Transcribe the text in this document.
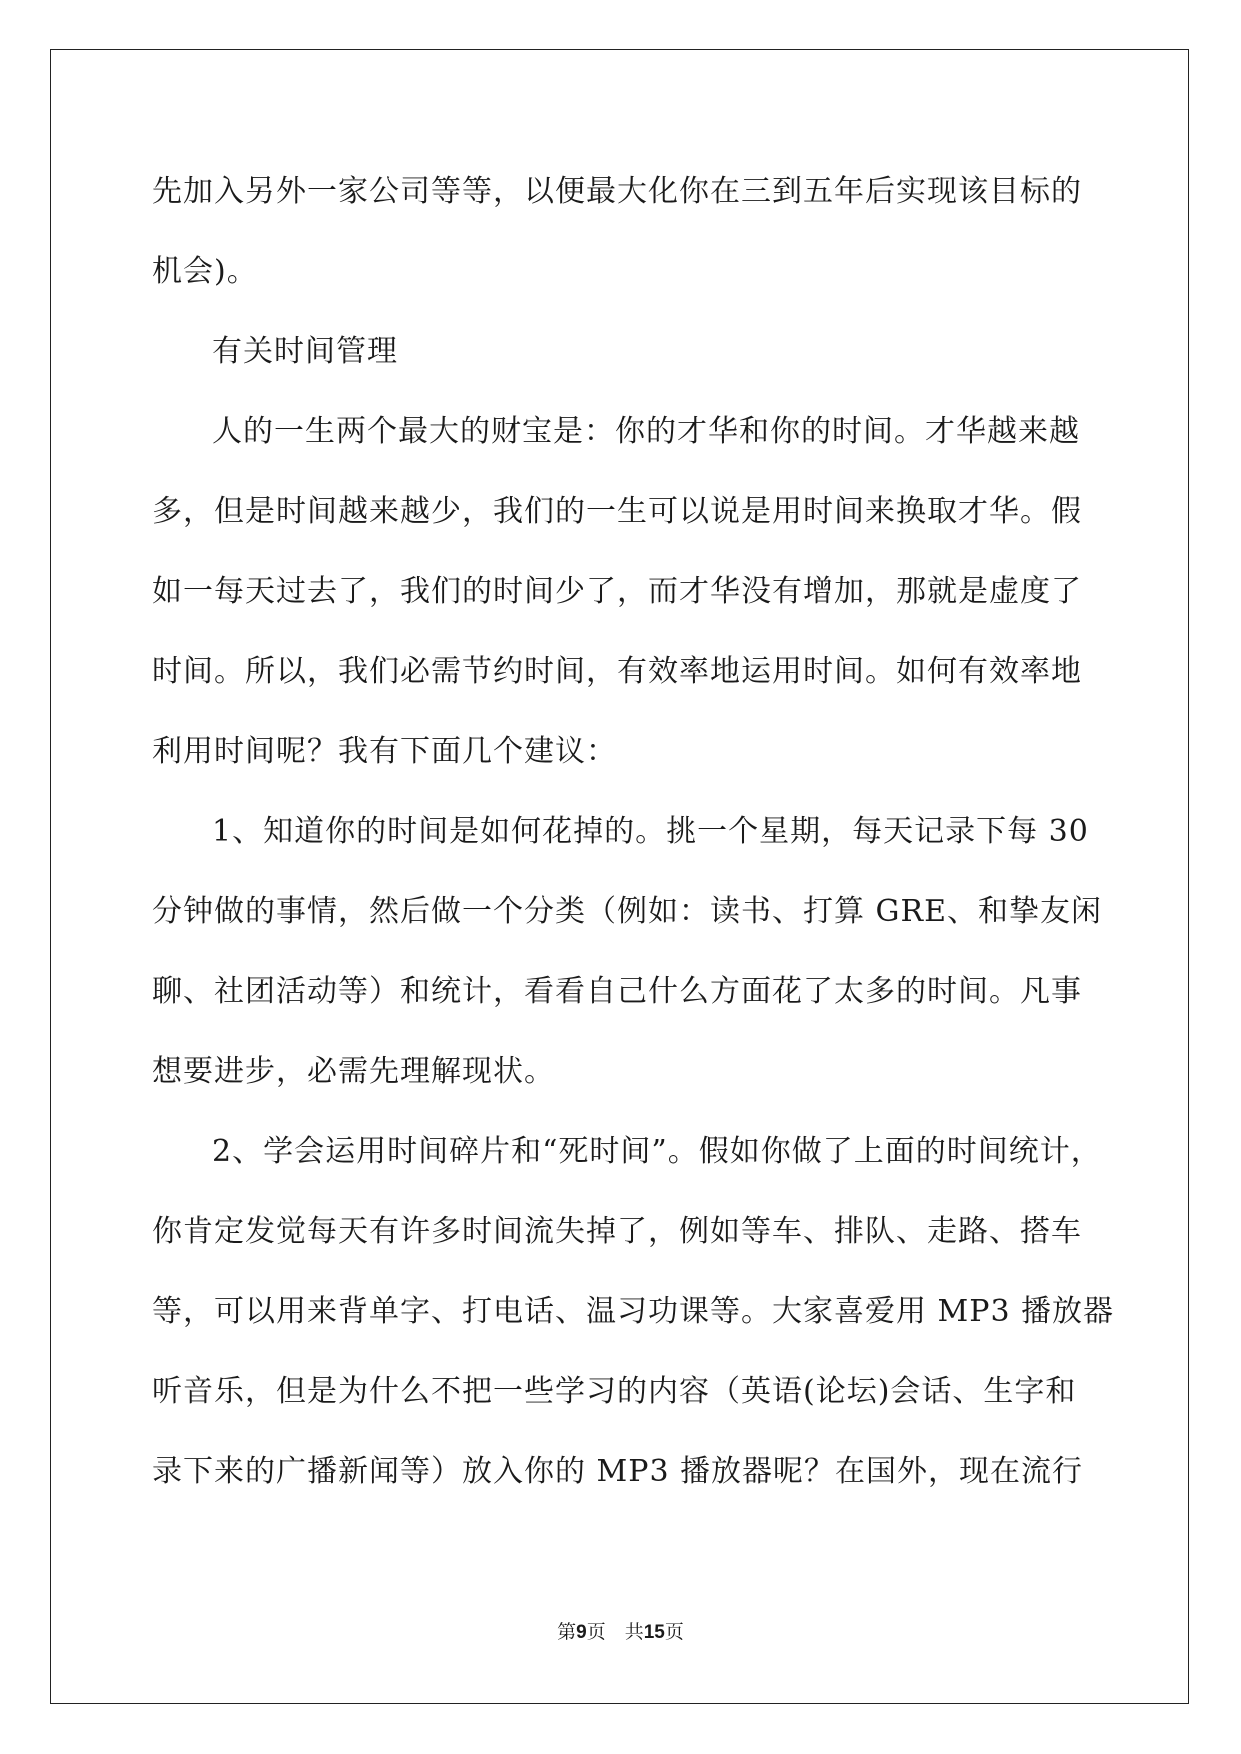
先加入另外一家公司等等，以便最大化你在三到五年后实现该目标的
机会)。
有关时间管理
人的一生两个最大的财宝是：你的才华和你的时间。才华越来越
多，但是时间越来越少，我们的一生可以说是用时间来换取才华。假
如一每天过去了，我们的时间少了，而才华没有增加，那就是虚度了
时间。所以，我们必需节约时间，有效率地运用时间。如何有效率地
利用时间呢？我有下面几个建议：
1、知道你的时间是如何花掉的。挑一个星期，每天记录下每 30
分钟做的事情，然后做一个分类（例如：读书、打算 GRE、和挚友闲
聊、社团活动等）和统计，看看自己什么方面花了太多的时间。凡事
想要进步，必需先理解现状。
2、学会运用时间碎片和“死时间”。假如你做了上面的时间统计，
你肯定发觉每天有许多时间流失掉了，例如等车、排队、走路、搭车
等，可以用来背单字、打电话、温习功课等。大家喜爱用 MP3 播放器
听音乐，但是为什么不把一些学习的内容（英语(论坛)会话、生字和
录下来的广播新闻等）放入你的 MP3 播放器呢？在国外，现在流行
第9页　共15页
